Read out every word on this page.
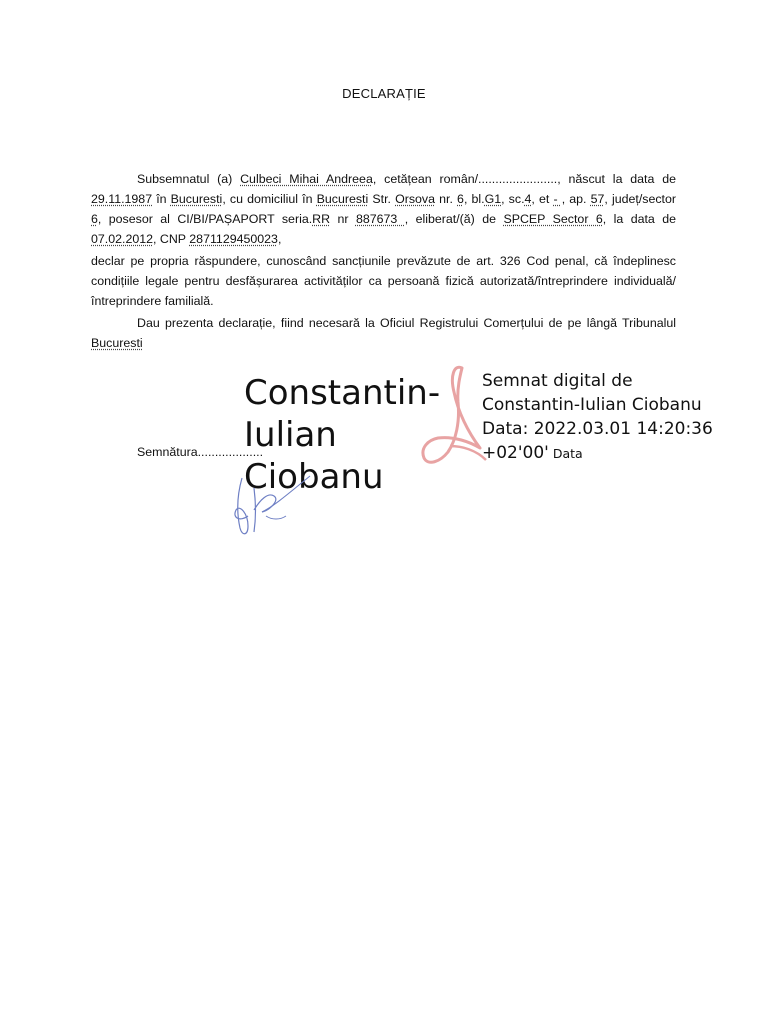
DECLARAȚIE

Subsemnatul (a) Culbeci Mihai Andreea, cetățean român/......................., născut la data de 29.11.1987 în Bucuresti, cu domiciliul în Bucuresti Str. Orsova nr. 6, bl.G1, sc.4, et - , ap. 57, județ/sector 6, posesor al CI/BI/PAȘAPORT seria.RR nr 887673 , eliberat/(ă) de SPCEP Sector 6, la data de 07.02.2012, CNP 2871129450023,

declar pe propria răspundere, cunoscând sancțiunile prevăzute de art. 326 Cod penal, că îndeplinesc condițiile legale pentru desfășurarea activităților ca persoană fizică autorizată/întreprindere individuală/întreprindere familială.

Dau prezenta declarație, fiind necesară la Oficiul Registrului Comerțului de pe lângă Tribunalul Bucuresti

Constantin-
Iulian Ciobanu
Semnat digital de
Constantin-Iulian Ciobanu
Data: 2022.03.01 14:20:36
+02'00' Data
Semnătura...................
